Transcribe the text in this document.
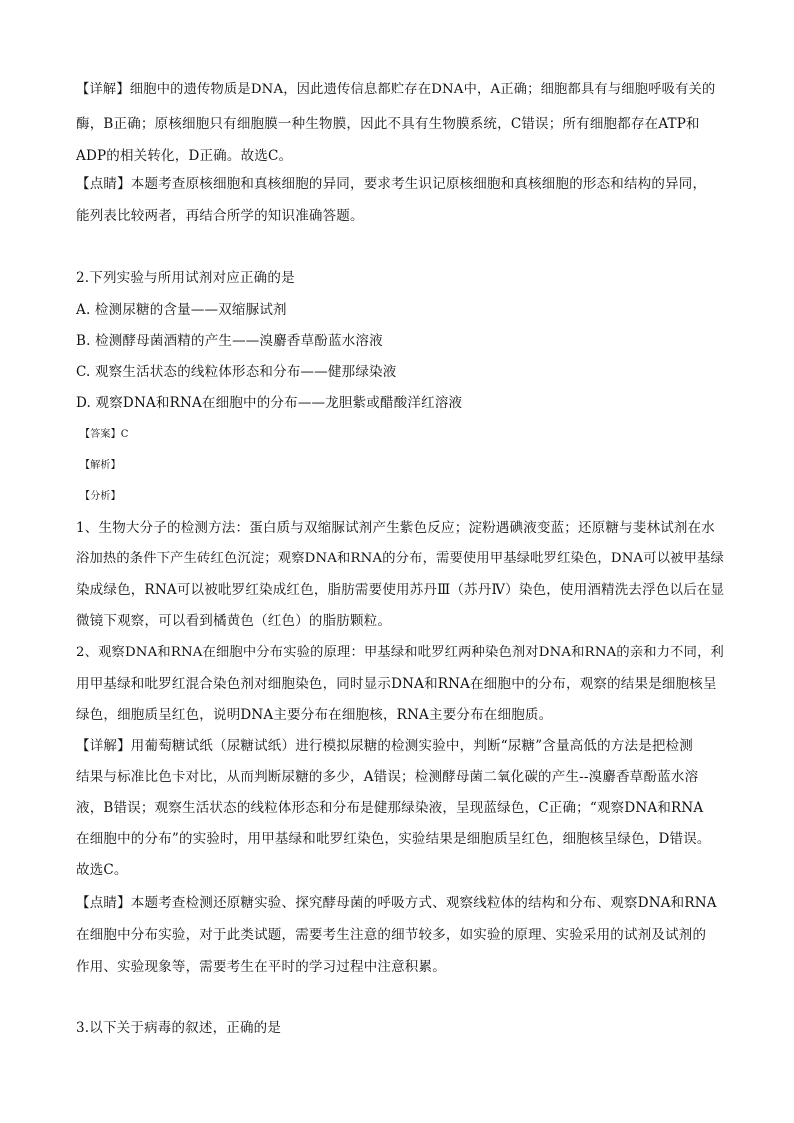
【详解】细胞中的遗传物质是DNA，因此遗传信息都贮存在DNA中，A正确；细胞都具有与细胞呼吸有关的
酶，B正确；原核细胞只有细胞膜一种生物膜，因此不具有生物膜系统，C错误；所有细胞都存在ATP和
ADP的相关转化，D正确。故选C。
【点睛】本题考查原核细胞和真核细胞的异同，要求考生识记原核细胞和真核细胞的形态和结构的异同，
能列表比较两者，再结合所学的知识准确答题。
2.下列实验与所用试剂对应正确的是
A. 检测尿糖的含量——双缩脲试剂
B. 检测酵母菌酒精的产生——溴麝香草酚蓝水溶液
C. 观察生活状态的线粒体形态和分布——健那绿染液
D. 观察DNA和RNA在细胞中的分布——龙胆紫或醋酸洋红溶液
【答案】C
【解析】
【分析】
1、生物大分子的检测方法：蛋白质与双缩脲试剂产生紫色反应；淀粉遇碘液变蓝；还原糖与斐林试剂在水
浴加热的条件下产生砖红色沉淀；观察DNA和RNA的分布，需要使用甲基绿吡罗红染色，DNA可以被甲基绿
染成绿色，RNA可以被吡罗红染成红色，脂肪需要使用苏丹Ⅲ（苏丹Ⅳ）染色，使用酒精洗去浮色以后在显
微镜下观察，可以看到橘黄色（红色）的脂肪颗粒。
2、观察DNA和RNA在细胞中分布实验的原理：甲基绿和吡罗红两种染色剂对DNA和RNA的亲和力不同，利
用甲基绿和吡罗红混合染色剂对细胞染色，同时显示DNA和RNA在细胞中的分布，观察的结果是细胞核呈
绿色，细胞质呈红色，说明DNA主要分布在细胞核，RNA主要分布在细胞质。
【详解】用葡萄糖试纸（尿糖试纸）进行模拟尿糖的检测实验中，判断“尿糖”含量高低的方法是把检测
结果与标准比色卡对比，从而判断尿糖的多少，A错误；检测酵母菌二氧化碳的产生--溴麝香草酚蓝水溶
液，B错误；观察生活状态的线粒体形态和分布是健那绿染液，呈现蓝绿色，C正确；“观察DNA和RNA
在细胞中的分布”的实验时，用甲基绿和吡罗红染色，实验结果是细胞质呈红色，细胞核呈绿色，D错误。
故选C。
【点睛】本题考查检测还原糖实验、探究酵母菌的呼吸方式、观察线粒体的结构和分布、观察DNA和RNA
在细胞中分布实验，对于此类试题，需要考生注意的细节较多，如实验的原理、实验采用的试剂及试剂的
作用、实验现象等，需要考生在平时的学习过程中注意积累。
3.以下关于病毒的叙述，正确的是
